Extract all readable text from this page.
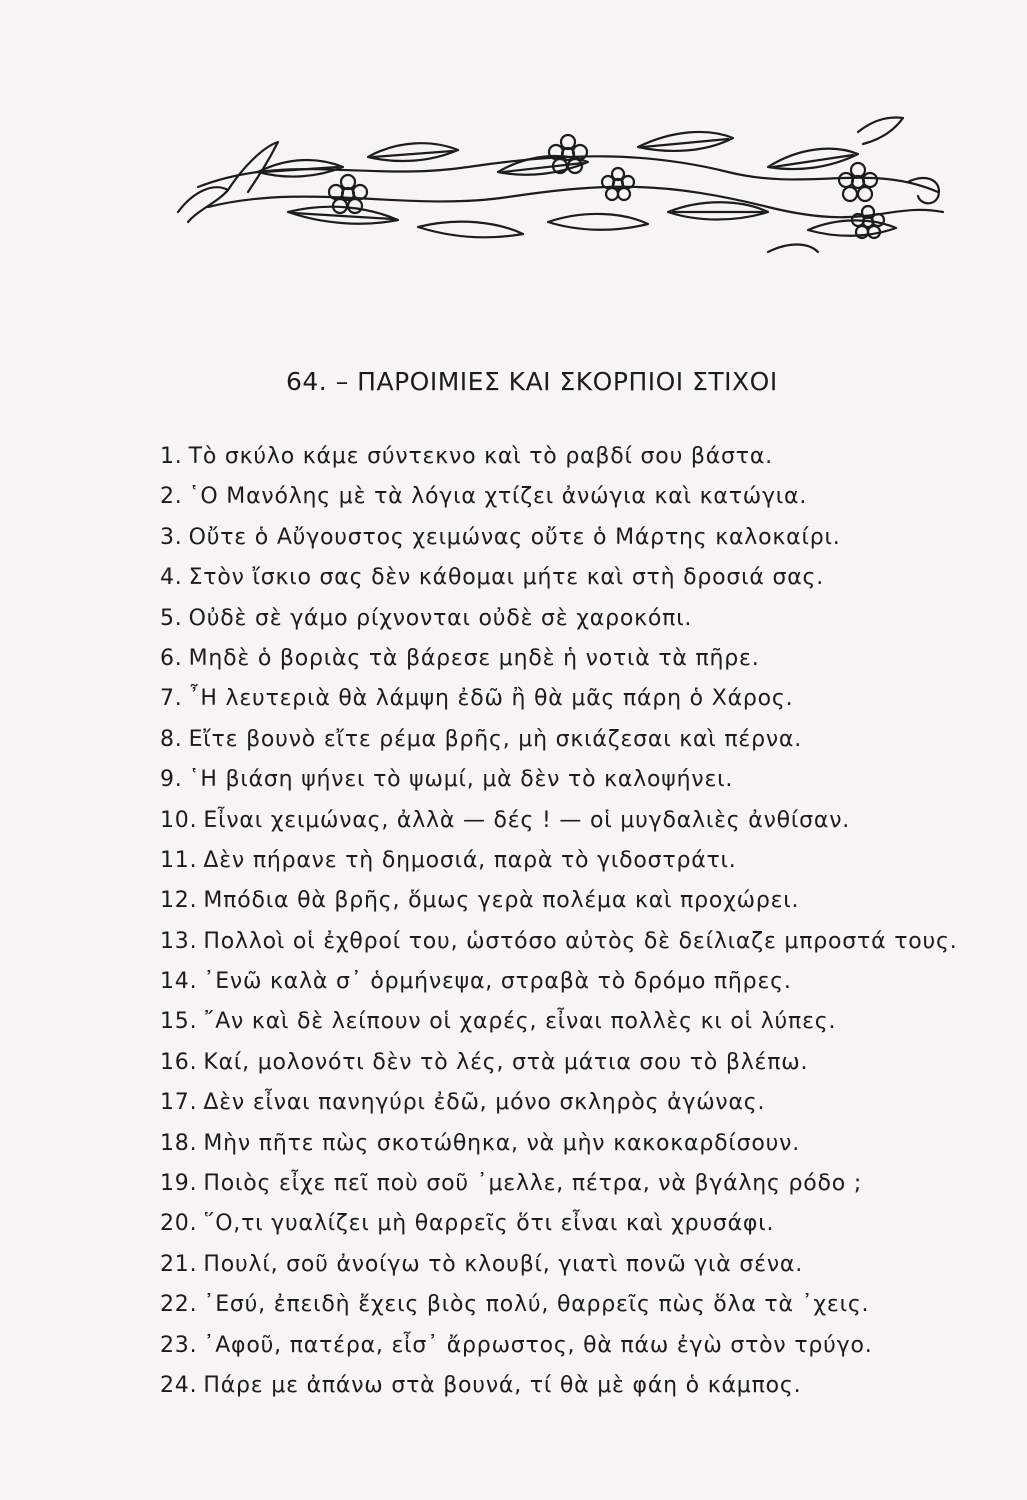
64. – ΠΑΡΟΙΜΙΕΣ ΚΑΙ ΣΚΟΡΠΙΟΙ ΣΤΙΧΟΙ
1. Τὸ σκύλο κάμε σύντεκνο καὶ τὸ ραβδί σου βάστα.
2. ῾Ο Μανόλης μὲ τὰ λόγια χτίζει ἀνώγια καὶ κατώγια.
3. Οὔτε ὁ Αὔγουστος χειμώνας οὔτε ὁ Μάρτης καλοκαίρι.
4. Στὸν ἴσκιο σας δὲν κάθομαι μήτε καὶ στὴ δροσιά σας.
5. Οὐδὲ σὲ γάμο ρίχνονται οὐδὲ σὲ χαροκόπι.
6. Μηδὲ ὁ βοριὰς τὰ βάρεσε μηδὲ ἡ νοτιὰ τὰ πῆρε.
7. ῏Η λευτεριὰ θὰ λάμψη ἐδῶ ἢ θὰ μᾶς πάρη ὁ Χάρος.
8. Εἴτε βουνὸ εἴτε ρέμα βρῆς, μὴ σκιάζεσαι καὶ πέρνα.
9. ῾Η βιάση ψήνει τὸ ψωμί, μὰ δὲν τὸ καλοψήνει.
10. Εἶναι χειμώνας, ἀλλὰ — δές ! — οἱ μυγδαλιὲς ἀνθίσαν.
11. Δὲν πήρανε τὴ δημοσιά, παρὰ τὸ γιδοστράτι.
12. Μπόδια θὰ βρῆς, ὅμως γερὰ πολέμα καὶ προχώρει.
13. Πολλοὶ οἱ ἐχθροί του, ὡστόσο αὐτὸς δὲ δείλιαζε μπροστά τους.
14. ᾿Ενῶ καλὰ σ᾿ ὁρμήνεψα, στραβὰ τὸ δρόμο πῆρες.
15. ῎Αν καὶ δὲ λείπουν οἱ χαρές, εἶναι πολλὲς κι οἱ λύπες.
16. Καί, μολονότι δὲν τὸ λές, στὰ μάτια σου τὸ βλέπω.
17. Δὲν εἶναι πανηγύρι ἐδῶ, μόνο σκληρὸς ἀγώνας.
18. Μὴν πῆτε πὼς σκοτώθηκα, νὰ μὴν κακοκαρδίσουν.
19. Ποιὸς εἶχε πεῖ ποὺ σοῦ ᾿μελλε, πέτρα, νὰ βγάλης ρόδο ;
20. ῞Ο,τι γυαλίζει μὴ θαρρεῖς ὅτι εἶναι καὶ χρυσάφι.
21. Πουλί, σοῦ ἀνοίγω τὸ κλουβί, γιατὶ πονῶ γιὰ σένα.
22. ᾿Εσύ, ἐπειδὴ ἔχεις βιὸς πολύ, θαρρεῖς πὼς ὅλα τὰ ᾿χεις.
23. ᾿Αφοῦ, πατέρα, εἶσ᾿ ἄρρωστος, θὰ πάω ἐγὼ στὸν τρύγο.
24. Πάρε με ἀπάνω στὰ βουνά, τί θὰ μὲ φάη ὁ κάμπος.
